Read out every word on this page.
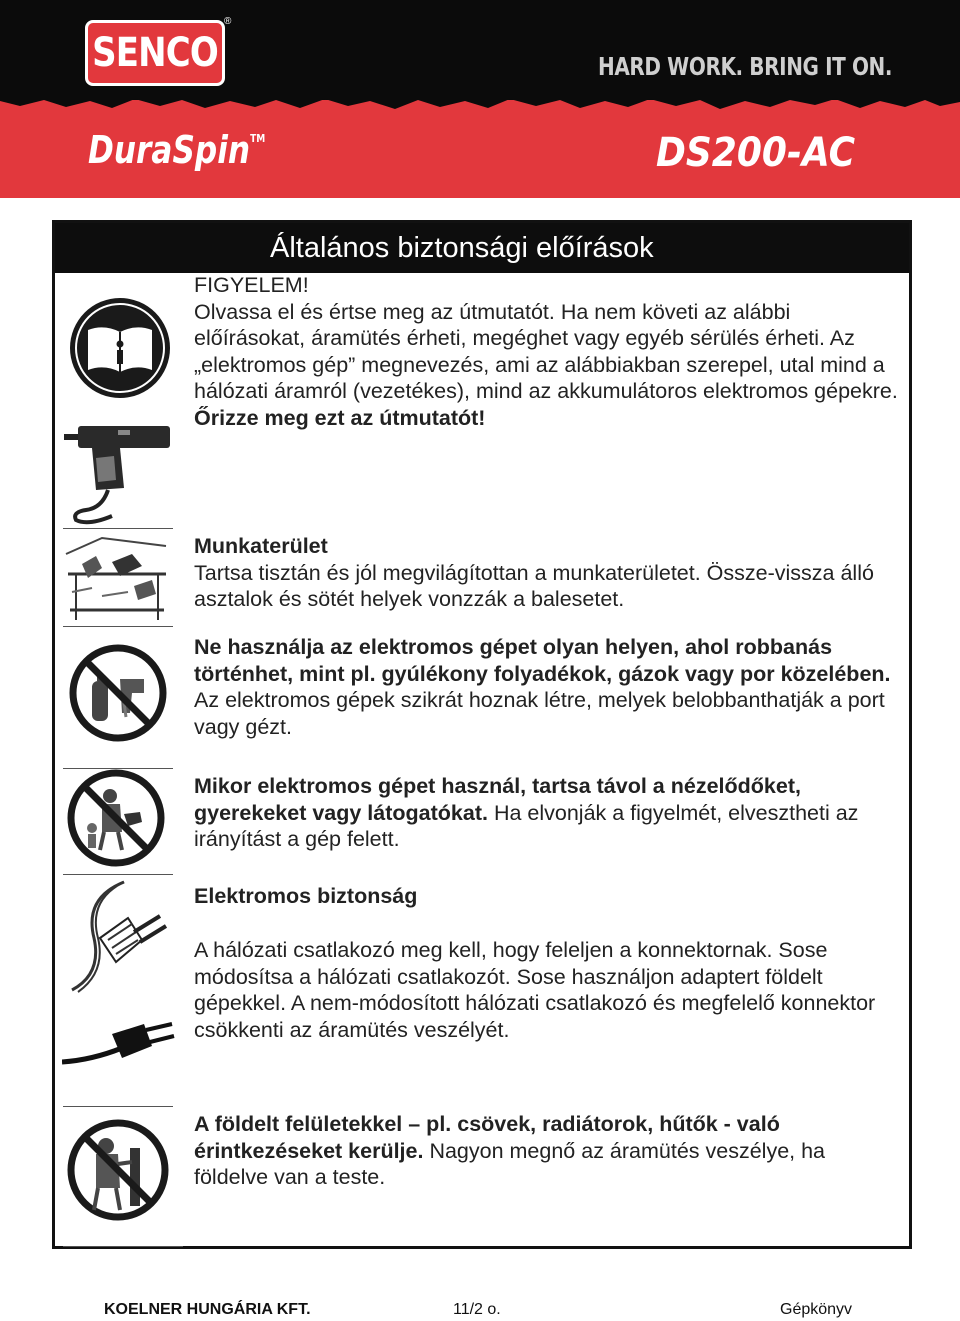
SENCO
®
HARD WORK. BRING IT ON.
DuraSpin™	DS200-AC
Általános biztonsági előírások

FIGYELEM!

Olvassa el és értse meg az útmutatót. Ha nem követi az alábbi előírásokat, áramütés érheti, megéghet vagy egyéb sérülés érheti. Az „elektromos gép” megnevezés, ami az alábbiakban szerepel, utal mind a hálózati áramról (vezetékes), mind az akkumulátoros elektromos gépekre.

Őrizze meg ezt az útmutatót!

Munkaterület

Tartsa tisztán és jól megvilágítottan a munkaterületet. Össze-vissza álló asztalok és sötét helyek vonzzák a balesetet.

Ne használja az elektromos gépet olyan helyen, ahol robbanás történhet, mint pl. gyúlékony folyadékok, gázok vagy por közelében. Az elektromos gépek szikrát hoznak létre, melyek belobbanthatják a port vagy gézt.

Mikor elektromos gépet használ, tartsa távol a nézelődőket, gyerekeket vagy látogatókat. Ha elvonják a figyelmét, elvesztheti az irányítást a gép felett.

Elektromos biztonság

A hálózati csatlakozó meg kell, hogy feleljen a konnektornak. Sose módosítsa a hálózati csatlakozót. Sose használjon adaptert földelt gépekkel. A nem-módosított hálózati csatlakozó és megfelelő konnektor csökkenti az áramütés veszélyét.

A földelt felületekkel – pl. csövek, radiátorok, hűtők - való érintkezéseket kerülje. Nagyon megnő az áramütés veszélye, ha földelve van a teste.

KOELNER HUNGÁRIA KFT.	11/2 o.	Gépkönyv
